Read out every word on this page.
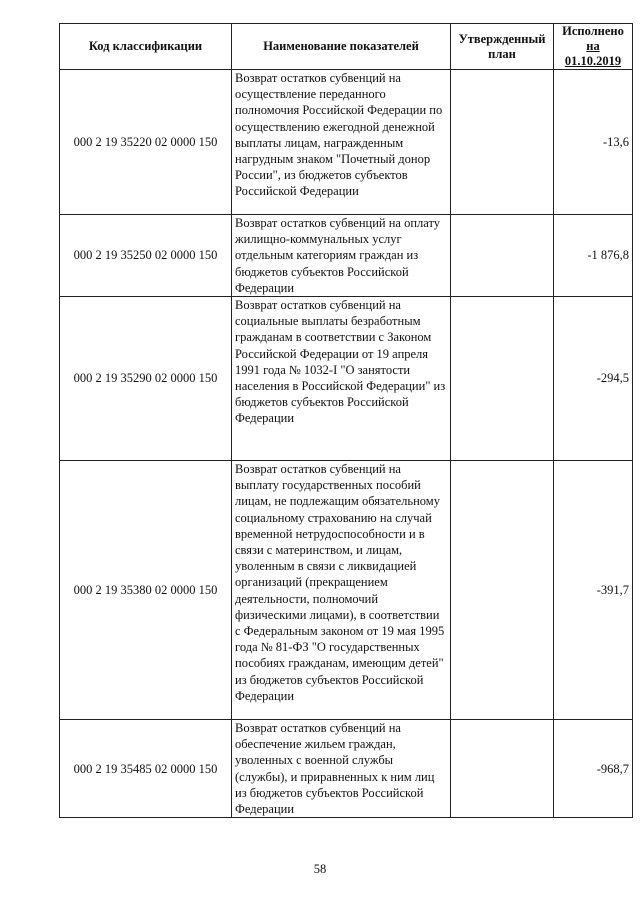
Код классификации	Наименование показателей	Утвержденный план	Исполнено
на 01.10.2019
000 2 19 35220 02 0000 150	Возврат остатков субвенций на осуществление переданного полномочия Российской Федерации по осуществлению ежегодной денежной выплаты лицам, награжденным нагрудным знаком "Почетный донор России", из бюджетов субъектов Российской Федерации		-13,6
000 2 19 35250 02 0000 150	Возврат остатков субвенций на оплату жилищно-коммунальных услуг отдельным категориям граждан из бюджетов субъектов Российской Федерации		-1 876,8
000 2 19 35290 02 0000 150	Возврат остатков субвенций на социальные выплаты безработным гражданам в соответствии с Законом Российской Федерации от 19 апреля 1991 года № 1032-I "О занятости населения в Российской Федерации" из бюджетов субъектов Российской Федерации		-294,5
000 2 19 35380 02 0000 150	Возврат остатков субвенций на выплату государственных пособий лицам, не подлежащим обязательному социальному страхованию на случай временной нетрудоспособности и в связи с материнством, и лицам, уволенным в связи с ликвидацией организаций (прекращением деятельности, полномочий физическими лицами), в соответствии с Федеральным законом от 19 мая 1995 года № 81-ФЗ "О государственных пособиях гражданам, имеющим детей" из бюджетов субъектов Российской Федерации		-391,7
000 2 19 35485 02 0000 150	Возврат остатков субвенций на обеспечение жильем граждан, уволенных с военной службы (службы), и приравненных к ним лиц из бюджетов субъектов Российской Федерации		-968,7
58
